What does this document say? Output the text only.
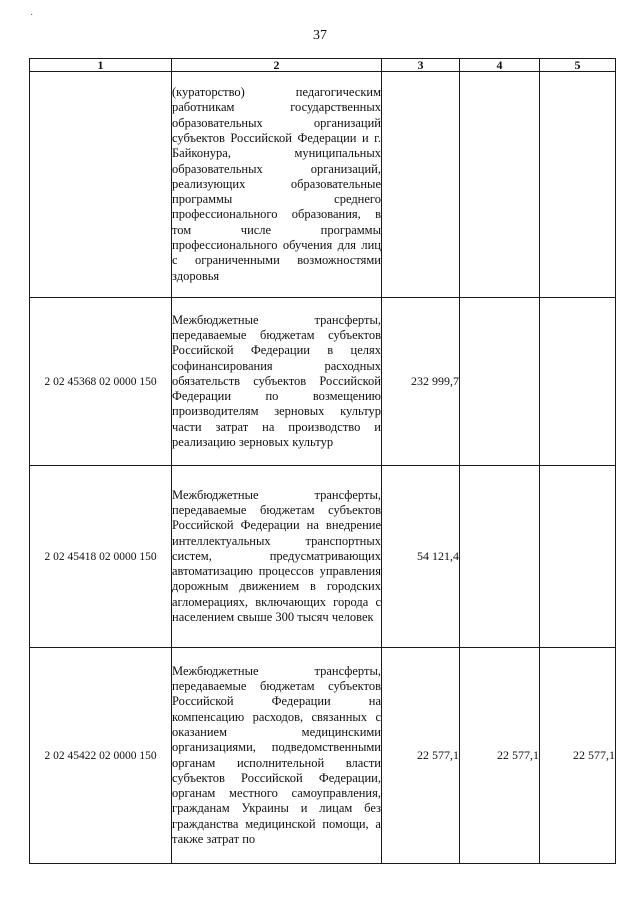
37
·
1	2	3	4	5

	(кураторство) педагогическим работникам государственных образовательных организаций субъектов Российской Федерации и г. Байконура, муниципальных образовательных организаций, реализующих образовательные программы среднего профессионального образования, в том числе программы профессионального обучения для лиц с ограниченными возможностями здоровья			

2 02 45368 02 0000 150	Межбюджетные трансферты, передаваемые бюджетам субъектов Российской Федерации в целях софинансирования расходных обязательств субъектов Российской Федерации по возмещению производителям зерновых культур части затрат на производство и реализацию зерновых культур	232 999,7		
2 02 45418 02 0000 150	Межбюджетные трансферты, передаваемые бюджетам субъектов Российской Федерации на внедрение интеллектуальных транспортных систем, предусматривающих автоматизацию процессов управления дорожным движением в городских агломерациях, включающих города с населением свыше 300 тысяч человек	54 121,4		
2 02 45422 02 0000 150	Межбюджетные трансферты, передаваемые бюджетам субъектов Российской Федерации на компенсацию расходов, связанных с оказанием медицинскими организациями, подведомственными органам исполнительной власти субъектов Российской Федерации, органам местного самоуправления, гражданам Украины и лицам без гражданства медицинской помощи, а также затрат по	22 577,1	22 577,1	22 577,1
